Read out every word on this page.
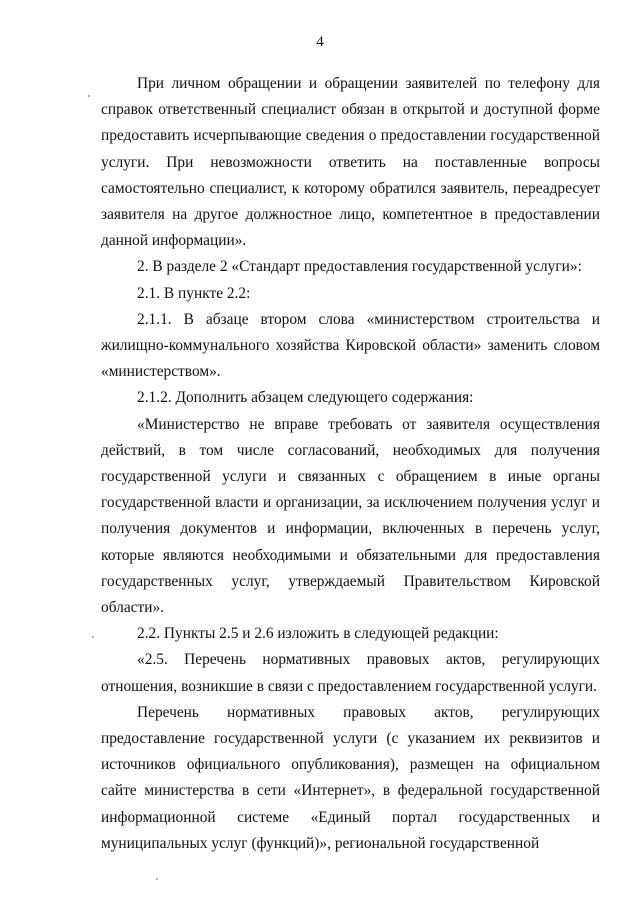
4

При личном обращении и обращении заявителей по телефону для справок ответственный специалист обязан в открытой и доступной форме предоставить исчерпывающие сведения о предоставлении государственной услуги. При невозможности ответить на поставленные вопросы самостоятельно специалист, к которому обратился заявитель, переадресует заявителя на другое должностное лицо, компетентное в предоставлении данной информации».

2. В разделе 2 «Стандарт предоставления государственной услуги»:

2.1. В пункте 2.2:

2.1.1. В абзаце втором слова «министерством строительства и жилищно-коммунального хозяйства Кировской области» заменить словом «министерством».

2.1.2. Дополнить абзацем следующего содержания:

«Министерство не вправе требовать от заявителя осуществления действий, в том числе согласований, необходимых для получения государственной услуги и связанных с обращением в иные органы государственной власти и организации, за исключением получения услуг и получения документов и информации, включенных в перечень услуг, которые являются необходимыми и обязательными для предоставления государственных услуг, утверждаемый Правительством Кировской области».

2.2. Пункты 2.5 и 2.6 изложить в следующей редакции:

«2.5. Перечень нормативных правовых актов, регулирующих отношения, возникшие в связи с предоставлением государственной услуги.

Перечень нормативных правовых актов, регулирующих предоставление государственной услуги (с указанием их реквизитов и источников официального опубликования), размещен на официальном сайте министерства в сети «Интернет», в федеральной государственной информационной системе «Единый портал государственных и муниципальных услуг (функций)», региональной государственной
